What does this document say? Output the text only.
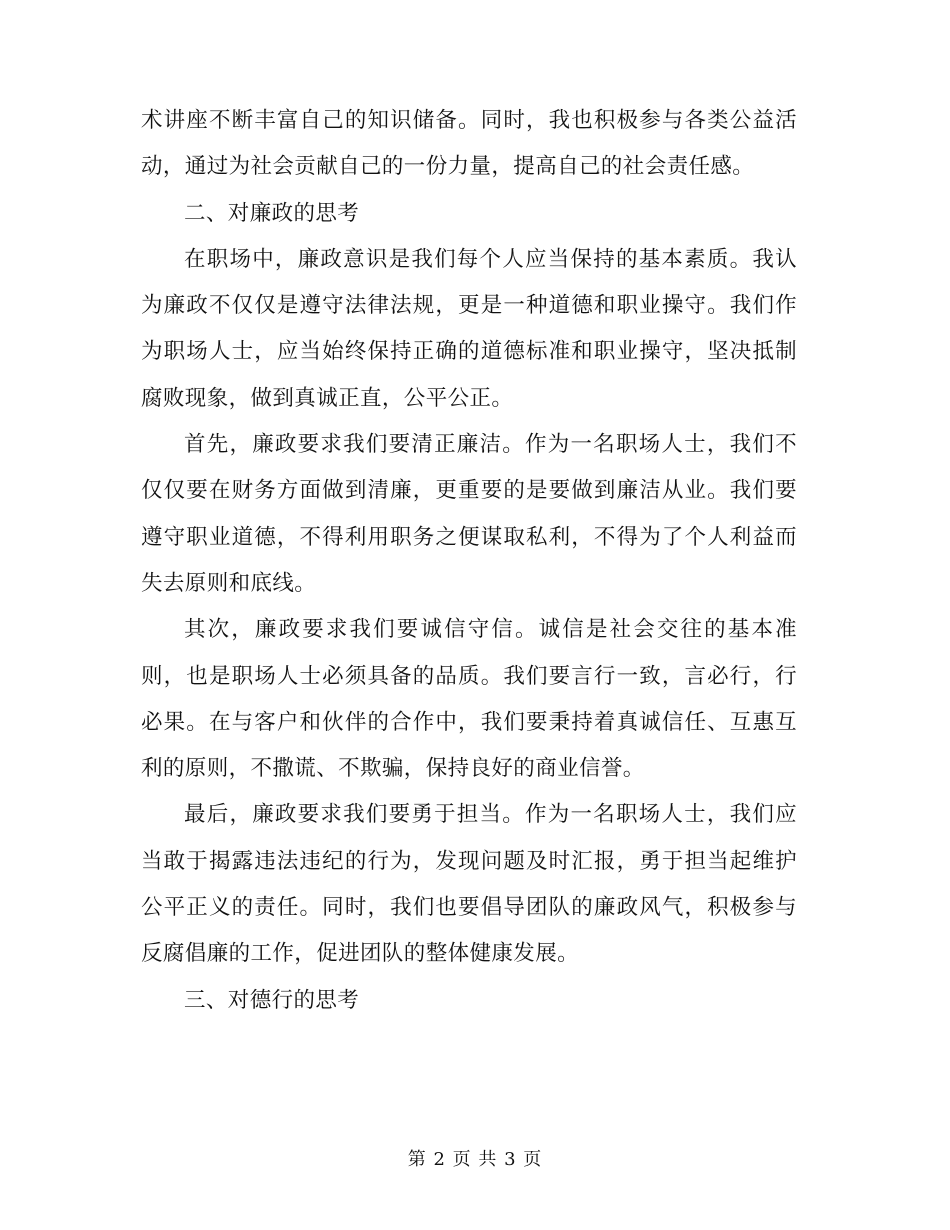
术讲座不断丰富自己的知识储备。同时，我也积极参与各类公益活动，通过为社会贡献自己的一份力量，提高自己的社会责任感。

二、对廉政的思考

在职场中，廉政意识是我们每个人应当保持的基本素质。我认为廉政不仅仅是遵守法律法规，更是一种道德和职业操守。我们作为职场人士，应当始终保持正确的道德标准和职业操守，坚决抵制腐败现象，做到真诚正直，公平公正。

首先，廉政要求我们要清正廉洁。作为一名职场人士，我们不仅仅要在财务方面做到清廉，更重要的是要做到廉洁从业。我们要遵守职业道德，不得利用职务之便谋取私利，不得为了个人利益而失去原则和底线。

其次，廉政要求我们要诚信守信。诚信是社会交往的基本准则，也是职场人士必须具备的品质。我们要言行一致，言必行，行必果。在与客户和伙伴的合作中，我们要秉持着真诚信任、互惠互利的原则，不撒谎、不欺骗，保持良好的商业信誉。

最后，廉政要求我们要勇于担当。作为一名职场人士，我们应当敢于揭露违法违纪的行为，发现问题及时汇报，勇于担当起维护公平正义的责任。同时，我们也要倡导团队的廉政风气，积极参与反腐倡廉的工作，促进团队的整体健康发展。

三、对德行的思考

第 2 页 共 3 页
